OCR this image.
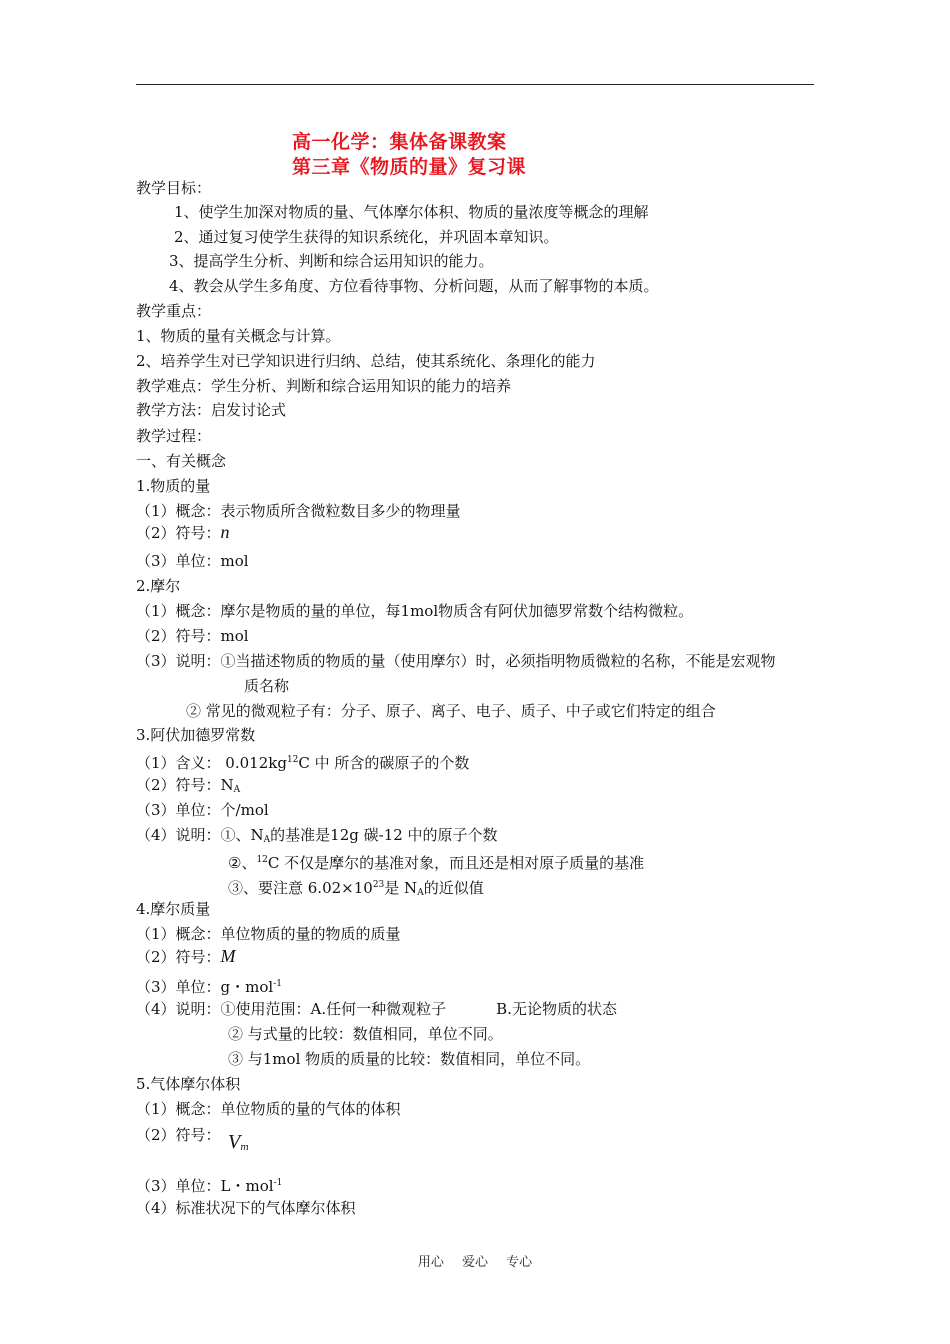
高一化学：集体备课教案
第三章《物质的量》复习课
教学目标：
1、使学生加深对物质的量、气体摩尔体积、物质的量浓度等概念的理解
2、通过复习使学生获得的知识系统化，并巩固本章知识。
3、提高学生分析、判断和综合运用知识的能力。
4、教会从学生多角度、方位看待事物、分析问题，从而了解事物的本质。
教学重点：
1、物质的量有关概念与计算。
2、培养学生对已学知识进行归纳、总结，使其系统化、条理化的能力
教学难点：学生分析、判断和综合运用知识的能力的培养
教学方法：启发讨论式
教学过程：
一、有关概念
1.物质的量
（1）概念：表示物质所含微粒数目多少的物理量
（2）符号：n
（3）单位：mol
2.摩尔
（1）概念：摩尔是物质的量的单位，每1mol物质含有阿伏加德罗常数个结构微粒。
（2）符号：mol
（3）说明：①当描述物质的物质的量（使用摩尔）时，必须指明物质微粒的名称，不能是宏观物
质名称
② 常见的微观粒子有：分子、原子、离子、电子、质子、中子或它们特定的组合
3.阿伏加德罗常数
（1）含义： $0.012kg^{12}C$ 中 所含的碳原子的个数
（2）符号：$N_A$
（3）单位：个/mol
（4）说明：①、$N_A$的基准是12g 碳-12 中的原子个数
②、$^{12}$C 不仅是摩尔的基准对象，而且还是相对原子质量的基准
③、要注意 $6.02\times 10^{23}$是 $N_A$的近似值
4.摩尔质量
（1）概念：单位物质的量的物质的质量
（2）符号：M
（3）单位：g・mol$^{-1}$
（4）说明：①使用范围：A.任何一种微观粒子	B.无论物质的状态
② 与式量的比较：数值相同，单位不同。
③ 与1mol 物质的质量的比较：数值相同，单位不同。
5.气体摩尔体积
（1）概念：单位物质的量的气体的体积
（2）符号： $V_m$
（3）单位：L・mol$^{-1}$
（4）标准状况下的气体摩尔体积
用心 爱心 专心
